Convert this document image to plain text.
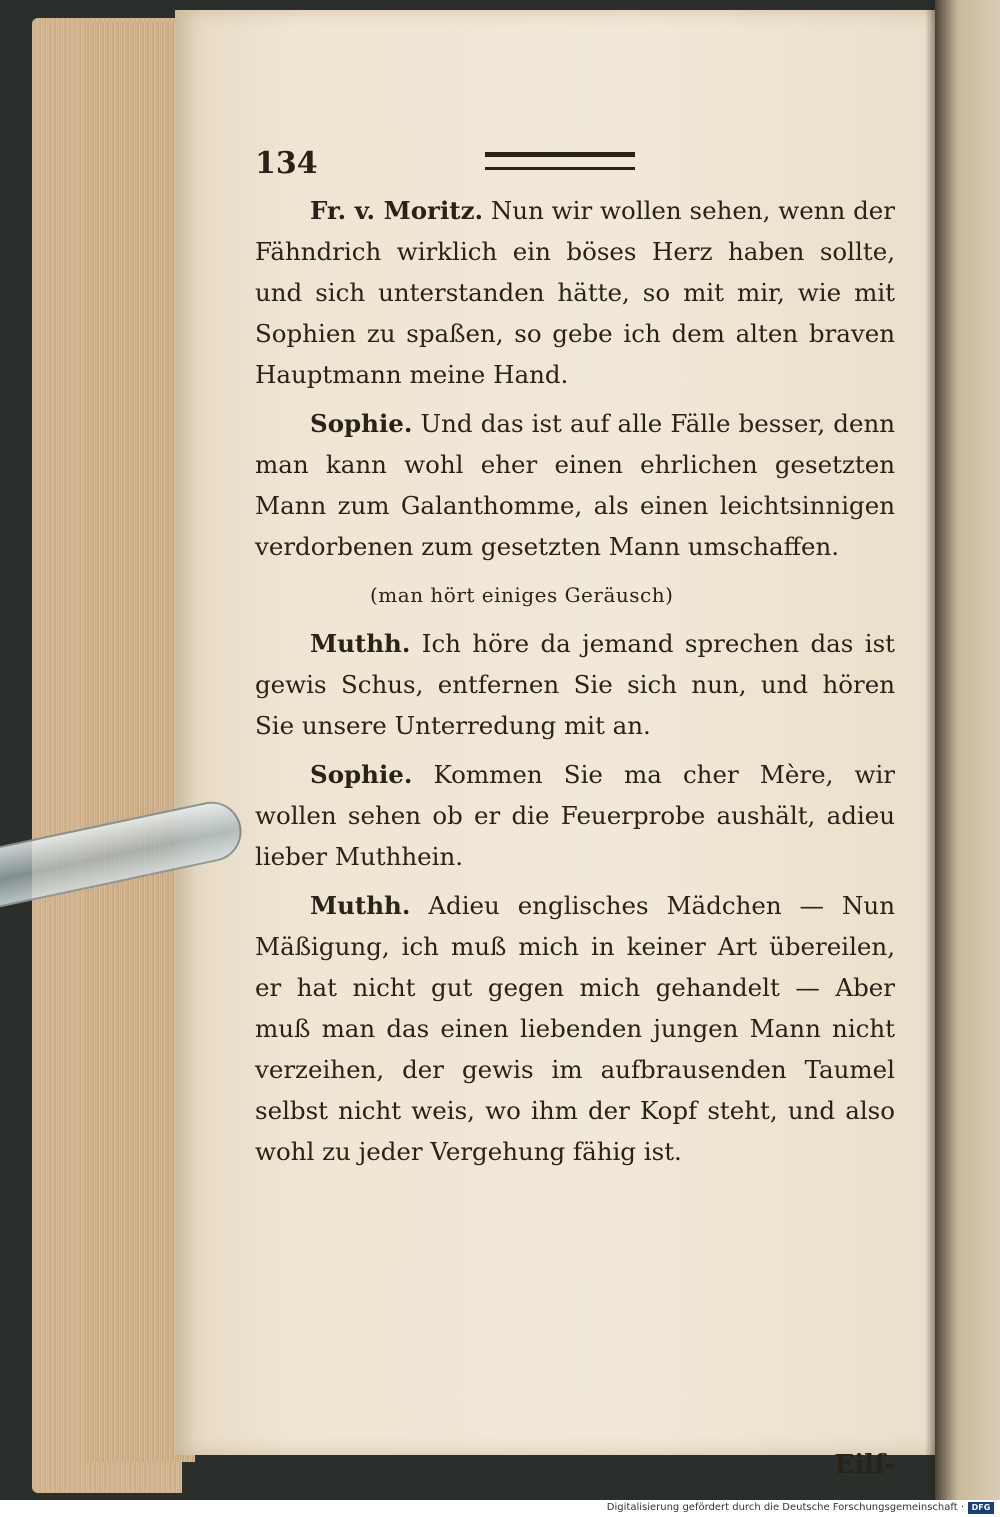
134

Fr. v. Moritz. Nun wir wollen sehen, wenn der Fähndrich wirklich ein böses Herz haben sollte, und sich unterstanden hätte, so mit mir, wie mit Sophien zu spaßen, so gebe ich dem alten braven Hauptmann meine Hand.

Sophie. Und das ist auf alle Fälle besser, denn man kann wohl eher einen ehrlichen gesetzten Mann zum Galanthomme, als einen leichtsinnigen verdorbenen zum gesetzten Mann umschaffen.

(man hört einiges Geräusch)

Muthh. Ich höre da jemand sprechen das ist gewis Schus, entfernen Sie sich nun, und hören Sie unsere Unterredung mit an.

Sophie. Kommen Sie ma cher Mère, wir wollen sehen ob er die Feuerprobe aushält, adieu lieber Muthhein.

Muthh. Adieu englisches Mädchen — Nun Mäßigung, ich muß mich in keiner Art übereilen, er hat nicht gut gegen mich gehandelt — Aber muß man das einen liebenden jungen Mann nicht verzeihen, der gewis im aufbrausenden Taumel selbst nicht weis, wo ihm der Kopf steht, und also wohl zu jeder Vergehung fähig ist.

Eilf-
Digitalisierung gefördert durch die Deutsche Forschungsgemeinschaft · DFG
